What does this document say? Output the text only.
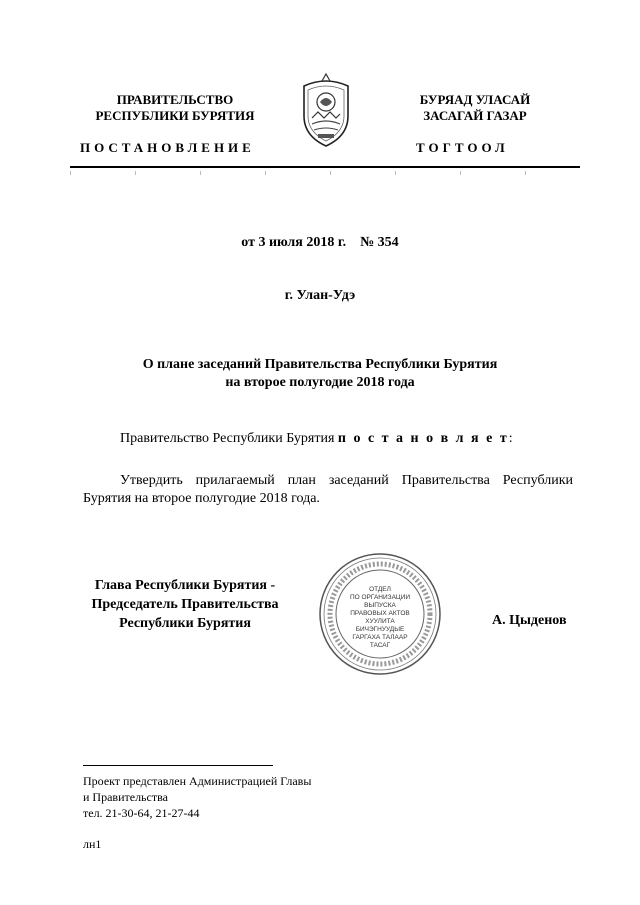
ПРАВИТЕЛЬСТВО
РЕСПУБЛИКИ БУРЯТИЯ
БУРЯАД УЛАСАЙ
ЗАСАГАЙ ГАЗАР
ПОСТАНОВЛЕНИЕ	ТОГТООЛ
от 3 июля 2018 г.    № 354
г. Улан-Удэ
О плане заседаний Правительства Республики Бурятия
на второе полугодие 2018 года
Правительство Республики Бурятия п о с т а н о в л я е т:
Утвердить прилагаемый план заседаний Правительства Республики Бурятия на второе полугодие 2018 года.
Глава Республики Бурятия -
Председатель Правительства
Республики Бурятия
ОТДЕЛ
ПО ОРГАНИЗАЦИИ
ВЫПУСКА
ПРАВОВЫХ АКТОВ
ХУУЛИТА
БИЧЭГНУУДЫЕ
ГАРГАХА ТАЛААР
ТАСАГ
А. Цыденов
Проект представлен Администрацией Главы
и Правительства
тел. 21-30-64, 21-27-44
лн1
